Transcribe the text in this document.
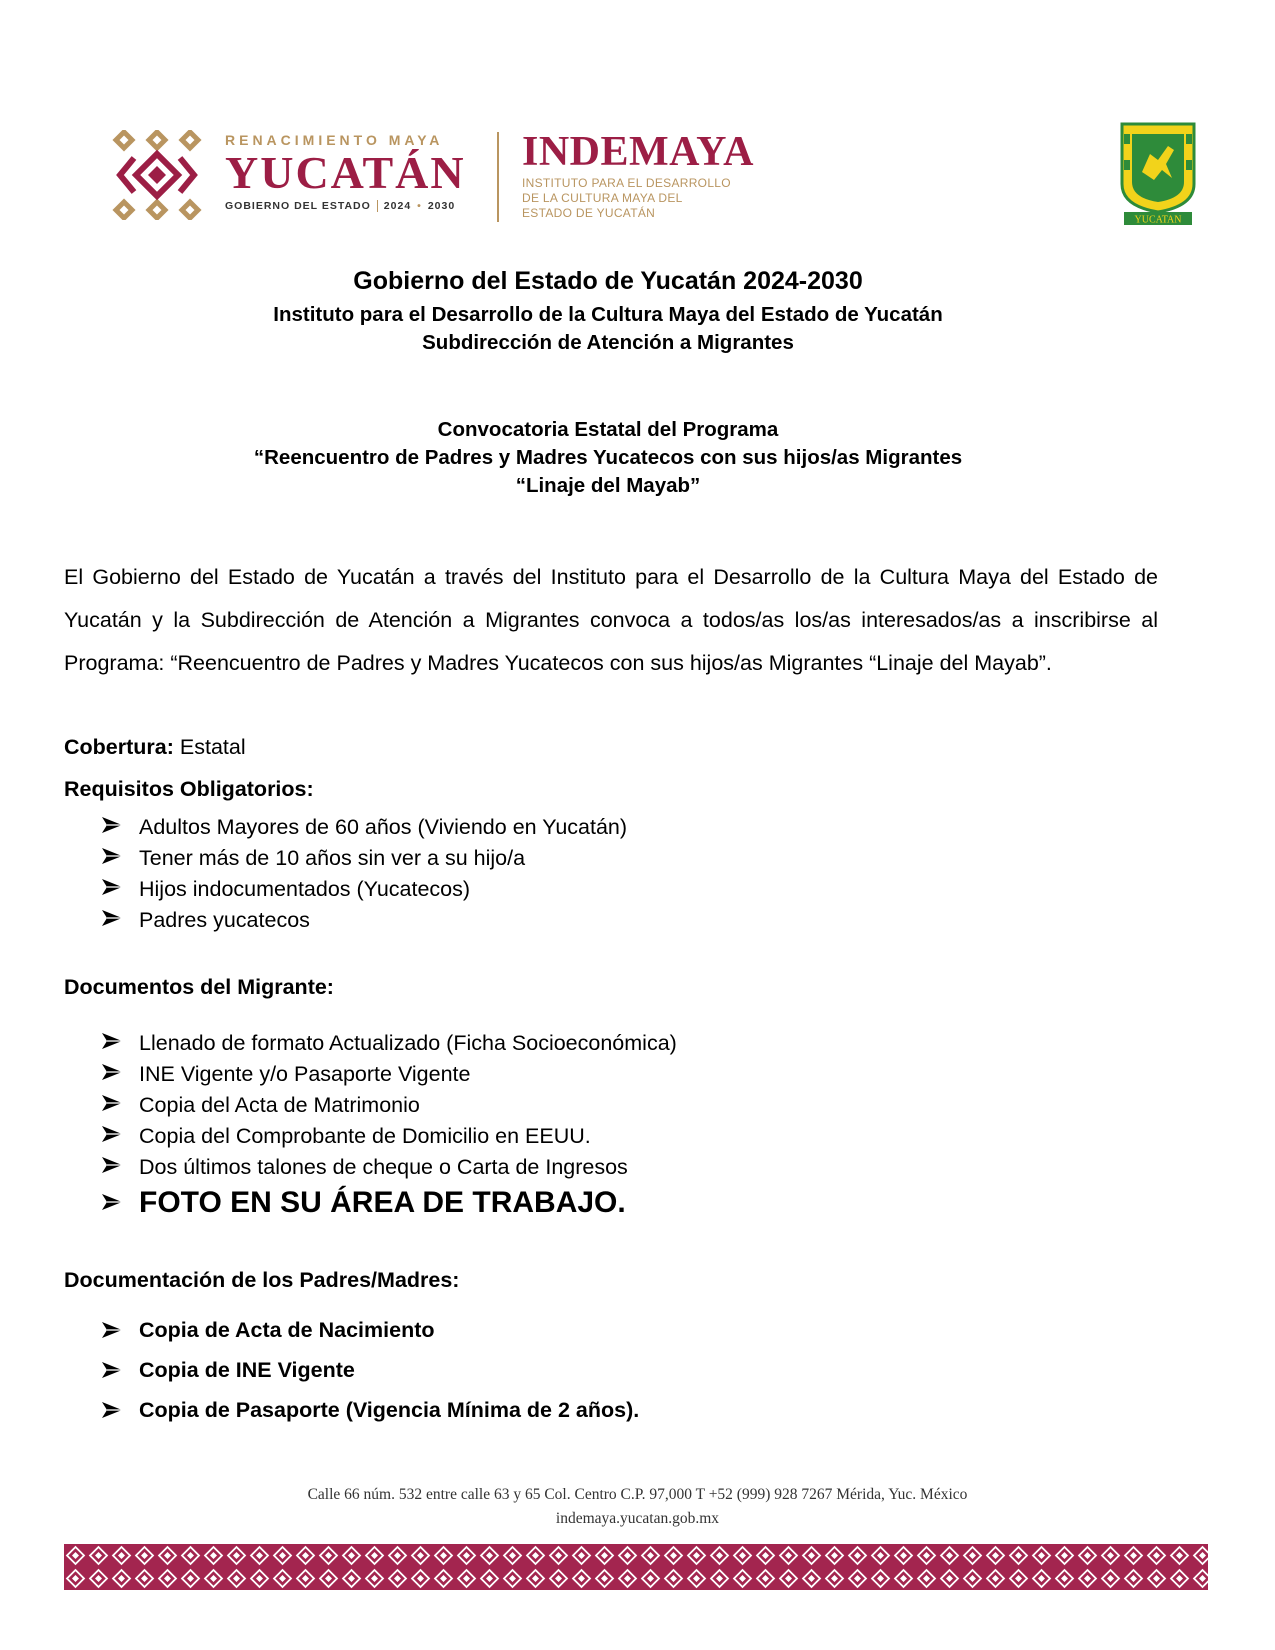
RENACIMIENTO MAYA
YUCATÁN
GOBIERNO DEL ESTADO 2024 • 2030
INDEMAYA
INSTITUTO PARA EL DESARROLLO
DE LA CULTURA MAYA DEL
ESTADO DE YUCATÁN	YUCATAN
Gobierno del Estado de Yucatán 2024-2030
Instituto para el Desarrollo de la Cultura Maya del Estado de Yucatán
Subdirección de Atención a Migrantes
Convocatoria Estatal del Programa
“Reencuentro de Padres y Madres Yucatecos con sus hijos/as Migrantes
“Linaje del Mayab”

El Gobierno del Estado de Yucatán a través del Instituto para el Desarrollo de la Cultura Maya del Estado de Yucatán y la Subdirección de Atención a Migrantes convoca a todos/as los/as interesados/as a inscribirse al Programa: “Reencuentro de Padres y Madres Yucatecos con sus hijos/as Migrantes “Linaje del Mayab”.

Cobertura: Estatal
Requisitos Obligatorios:
Adultos Mayores de 60 años (Viviendo en Yucatán)
Tener más de 10 años sin ver a su hijo/a
Hijos indocumentados (Yucatecos)
Padres yucatecos
Documentos del Migrante:
Llenado de formato Actualizado (Ficha Socioeconómica)
INE Vigente y/o Pasaporte Vigente
Copia del Acta de Matrimonio
Copia del Comprobante de Domicilio en EEUU.
Dos últimos talones de cheque o Carta de Ingresos
FOTO EN SU ÁREA DE TRABAJO.
Documentación de los Padres/Madres:
Copia de Acta de Nacimiento
Copia de INE Vigente
Copia de Pasaporte (Vigencia Mínima de 2 años).
Calle 66 núm. 532 entre calle 63 y 65 Col. Centro C.P. 97,000 T +52 (999) 928 7267 Mérida, Yuc. México
indemaya.yucatan.gob.mx
